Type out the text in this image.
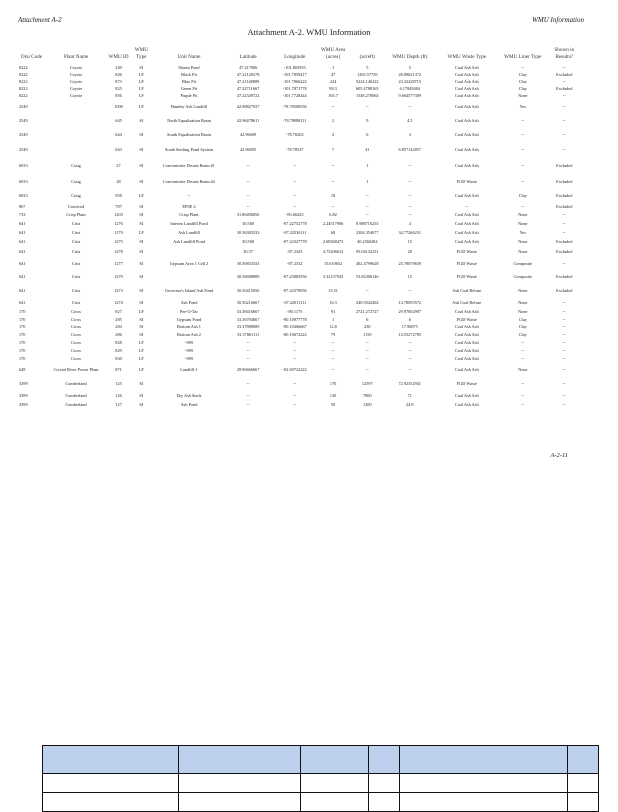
Attachment A-2	WMU Information
Attachment A-2. WMU Information
Orsi Code	Plant Name	WMU ID	WMU Type	Unit Name	Latitude	Longitude	WMU Area (acres)	(acreft)	WMU Depth (ft)	WMU Waste Type	WMU Liner Type	Shown in Results?
8222	Coyote	249	SI	Shasta Pond	47.217006	-101.803955	1	5	5	Coal Ash Ash	--	--
8222	Coyote	826	LF	Black Pit	47.22128278	-101.7859417	47	1265.57739	26.89621372	Coal Ash Ash	Clay	Excluded
8222	Coyote	873	LF	Blue Pit	47.21148889	-101.7866222	224	5224.146222	23.32228715	Coal Ash Ash	Clay	--
8222	Coyote	825	LF	Green Pit	47.22711667	-101.7871778	98.3	605.4788165	6.17849484	Coal Ash Ash	Clay	Excluded
8222	Coyote	856	LF	Purple Pit	47.22349722	-101.7728444	165.7	1548.270064	9.664577309	Coal Ash Ash	None	--
2549		1000	LF	Huntley Ash Landfill	42.98827037	-78.78508556	--	--	--	Coal Ash Ash	Yes	--
2549		645	SI	North Equalization Basin	42.96478611	-78.78088111	2	9	4.5	Coal Ash Ash	--	--
2549		644	SI	South Equalization Basin	42.96609	-78.78263	2	6	3	Coal Ash Ash	--	--
2549		643	SI	South Settling Pond System	42.96095	-78.78547	7	41	6.857142857	Coal Ash Ash	--	--
6033	Craig	27	SI	Concentrator Decant Basin #1	--	--	--	1	--	Coal Ash Ash	--	Excluded
6033	Craig	28	SI	Concentrator Decant Basin #2	--	--	--	1	--	FGD Waste	--	Excluded
6033	Craig	958	LF	--	--	--	18	--	--	Coal Ash Ash	Clay	Excluded
867	Crawford	787	SI	EPSE 2	--	--	--	--	--	--	--	Excluded
733	Crisp Plant	1203	SI	Crisp Plant	31.86496056	-83.66425	6.82	--	--	Coal Ash Ash	None	--
641	Crist	1276	SI	Interim Landfill Pond	30.568	-87.22752778	2.24517906	8.988716253	4	Coal Ash Ash	None	--
641	Crist	1179	LF	Ash Landfill	30.56383333	-87.22536111	68	2304.354677	34.77266231	Coal Ash Ash	Yes	--
641	Crist	1275	SI	Ash Landfill Pond	30.568	-87.22327778	2.68368473	40.2560284	15	Coal Ash Ash	None	Excluded
641	Crist	1278	SI		30.57	-87.2325	4.75206612	95.04132231	20	FGD Waste	None	Excluded
641	Crist	1277	SI	Gypsum Area 1 Cell 2	30.56833333	-87.2332	15.610652	402.4799628	25.78079659	FGD Waste	Composite	--
641	Crist	1279	SI		30.56688889	-87.23083556	3.32157943	53.82306146	15	FGD Waste	Composite	Excluded
641	Crist	1273	SI	Governor's Island Ash Pond	30.56415056	-87.22378056	13.51	--	--	Ash Coal Refuse	None	Excluded
641	Crist	1274	SI	Ash Pond	30.56216667	-87.22011111	16.3	240.9342262	14.78093572	Ash Coal Refuse	None	--
170	Cross	827	LF	Pee-O-Tac	33.38416667	-80.1175	91	2721.272727	29.97002997	Coal Ash Ash	None	--
170	Cross	285	SI	Gypsum Pond	33.36794667	-80.10877778	1	6	6	FGD Waste	Clay	--
170	Cross	284	SI	Bottom Ash 1	33.37888889	-80.10466667	12.8	230	17.96875	Coal Ash Ash	Clay	--
170	Cross	286	SI	Bottom Ash 2	33.37861111	-80.10672222	79	1150	14.55272785	Coal Ash Ash	Clay	--
170	Cross	828	LF	-999	--	--	--	--	--	Coal Ash Ash	--	--
170	Cross	829	LF	-999	--	--	--	--	--	Coal Ash Ash	--	--
170	Cross	830	LF	-999	--	--	--	--	--	Coal Ash Ash	--	--
628	Crystal River Power Plant	871	LF	Landfill-1	28.96666667	-82.69722222	--	--	--	Coal Ash Ash	None	--
3399	Cumberland	125	SI		--	--	170	12597	72.92352941	FGD Waste	--	--
3399	Cumberland	126	SI	Dry Ash Stack	--	--	130	7800	71	Coal Ash Ash	--	--
3399	Cumberland	127	SI	Ash Pond	--	--	50	1200	24.8	Coal Ash Ash	--	--
A-2-11
